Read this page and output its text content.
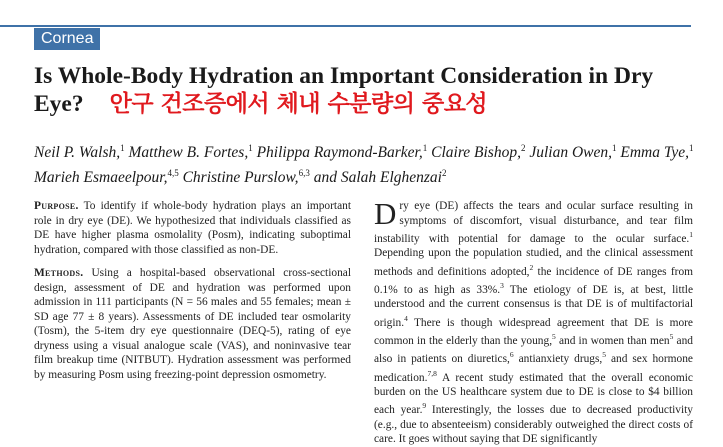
Cornea
Is Whole-Body Hydration an Important Consideration in Dry Eye? 안구 건조증에서 체내 수분량의 중요성

Neil P. Walsh,$^1$ Matthew B. Fortes,$^1$ Philippa Raymond-Barker,$^1$ Claire Bishop,$^2$ Julian Owen,$^1$ Emma Tye,$^1$ Marieh Esmaeelpour,$^{4,5}$ Christine Purslow,$^{6,3}$ and Salah Elghenzai$^2$

Purpose. To identify if whole-body hydration plays an important role in dry eye (DE). We hypothesized that individuals classified as DE have higher plasma osmolality (Posm), indicating suboptimal hydration, compared with those classified as non-DE.

Methods. Using a hospital-based observational cross-sectional design, assessment of DE and hydration was performed upon admission in 111 participants (N = 56 males and 55 females; mean ± SD age 77 ± 8 years). Assessments of DE included tear osmolarity (Tosm), the 5-item dry eye questionnaire (DEQ-5), rating of eye dryness using a visual analogue scale (VAS), and noninvasive tear film breakup time (NITBUT). Hydration assessment was performed by measuring Posm using freezing-point depression osmometry.

Dry eye (DE) affects the tears and ocular surface resulting in symptoms of discomfort, visual disturbance, and tear film instability with potential for damage to the ocular surface.$^1$ Depending upon the population studied, and the clinical assessment methods and definitions adopted,$^2$ the incidence of DE ranges from 0.1% to as high as 33%.$^3$ The etiology of DE is, at best, little understood and the current consensus is that DE is of multifactorial origin.$^4$ There is though widespread agreement that DE is more common in the elderly than the young,$^5$ and in women than men$^5$ and also in patients on diuretics,$^6$ antianxiety drugs,$^5$ and sex hormone medication.$^{7,8}$ A recent study estimated that the overall economic burden on the US healthcare system due to DE is close to $4 billion each year.$^9$ Interestingly, the losses due to decreased productivity (e.g., due to absenteeism) considerably outweighed the direct costs of care. It goes without saying that DE significantly
